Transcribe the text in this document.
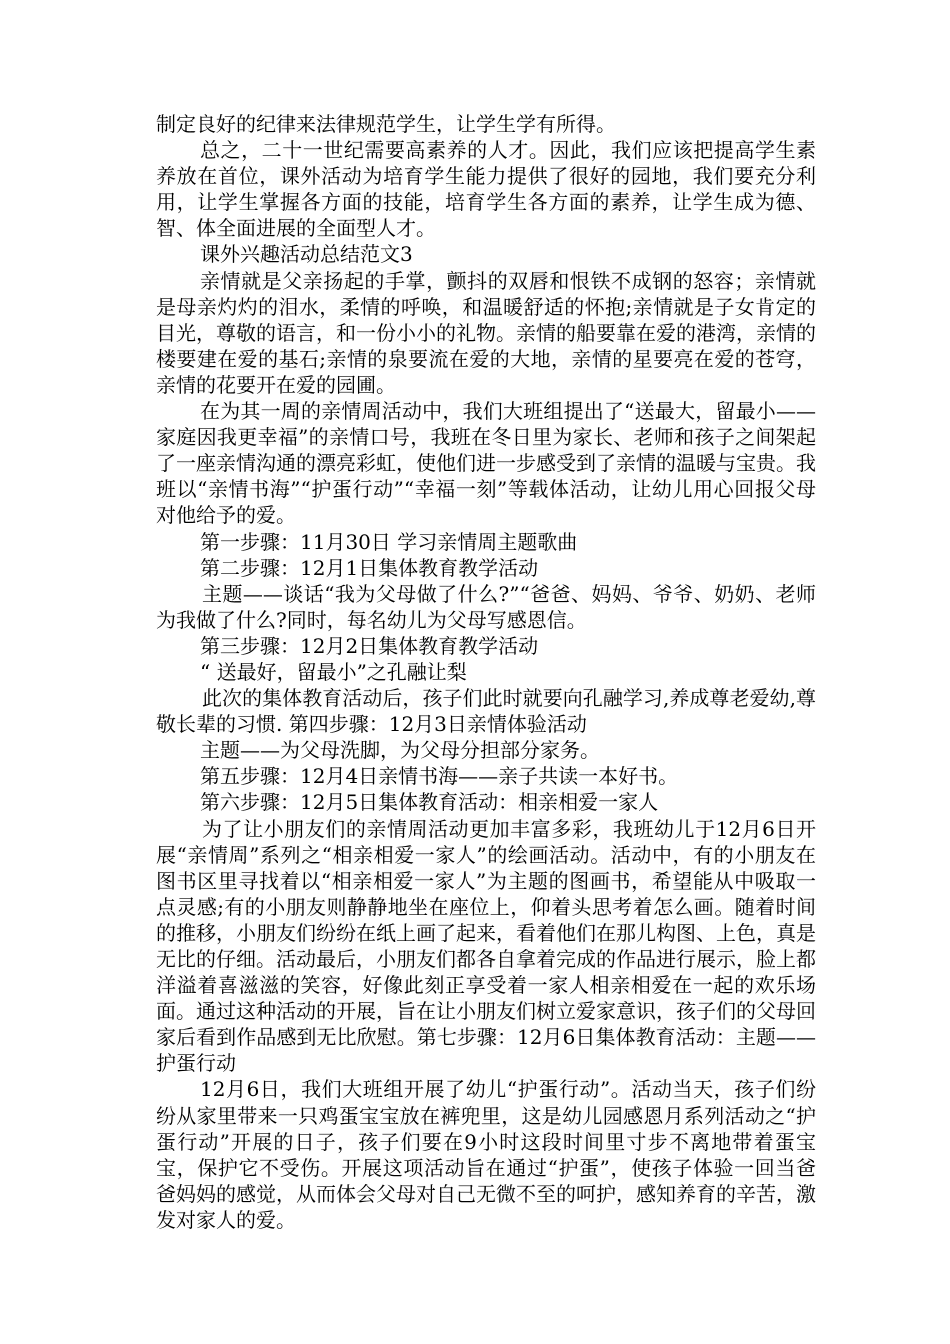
制定良好的纪律来法律规范学生，让学生学有所得。

总之，二十一世纪需要高素养的人才。因此，我们应该把提高学生素养放在首位，课外活动为培育学生能力提供了很好的园地，我们要充分利用，让学生掌握各方面的技能，培育学生各方面的素养，让学生成为德、智、体全面进展的全面型人才。

课外兴趣活动总结范文3

亲情就是父亲扬起的手掌，颤抖的双唇和恨铁不成钢的怒容；亲情就是母亲灼灼的泪水，柔情的呼唤，和温暖舒适的怀抱;亲情就是子女肯定的目光，尊敬的语言，和一份小小的礼物。亲情的船要靠在爱的港湾，亲情的楼要建在爱的基石;亲情的泉要流在爱的大地，亲情的星要亮在爱的苍穹，亲情的花要开在爱的园圃。

在为其一周的亲情周活动中，我们大班组提出了“送最大，留最小——家庭因我更幸福”的亲情口号，我班在冬日里为家长、老师和孩子之间架起了一座亲情沟通的漂亮彩虹，使他们进一步感受到了亲情的温暖与宝贵。我班以“亲情书海”“护蛋行动”“幸福一刻”等载体活动，让幼儿用心回报父母对他给予的爱。

第一步骤：11月30日 学习亲情周主题歌曲

第二步骤：12月1日集体教育教学活动

主题——谈话“我为父母做了什么?”“爸爸、妈妈、爷爷、奶奶、老师为我做了什么?同时，每名幼儿为父母写感恩信。

第三步骤：12月2日集体教育教学活动

“ 送最好，留最小”之孔融让梨

此次的集体教育活动后，孩子们此时就要向孔融学习,养成尊老爱幼,尊敬长辈的习惯. 第四步骤：12月3日亲情体验活动

主题——为父母洗脚，为父母分担部分家务。

第五步骤：12月4日亲情书海——亲子共读一本好书。

第六步骤：12月5日集体教育活动：相亲相爱一家人

为了让小朋友们的亲情周活动更加丰富多彩，我班幼儿于12月6日开展“亲情周”系列之“相亲相爱一家人”的绘画活动。活动中，有的小朋友在图书区里寻找着以“相亲相爱一家人”为主题的图画书，希望能从中吸取一点灵感;有的小朋友则静静地坐在座位上，仰着头思考着怎么画。随着时间的推移，小朋友们纷纷在纸上画了起来，看着他们在那儿构图、上色，真是无比的仔细。活动最后，小朋友们都各自拿着完成的作品进行展示，脸上都洋溢着喜滋滋的笑容，好像此刻正享受着一家人相亲相爱在一起的欢乐场面。通过这种活动的开展，旨在让小朋友们树立爱家意识，孩子们的父母回家后看到作品感到无比欣慰。第七步骤：12月6日集体教育活动：主题——护蛋行动

12月6日，我们大班组开展了幼儿“护蛋行动”。活动当天，孩子们纷纷从家里带来一只鸡蛋宝宝放在裤兜里，这是幼儿园感恩月系列活动之“护蛋行动”开展的日子，孩子们要在9小时这段时间里寸步不离地带着蛋宝宝，保护它不受伤。开展这项活动旨在通过“护蛋”，使孩子体验一回当爸爸妈妈的感觉，从而体会父母对自己无微不至的呵护，感知养育的辛苦，激发对家人的爱。
